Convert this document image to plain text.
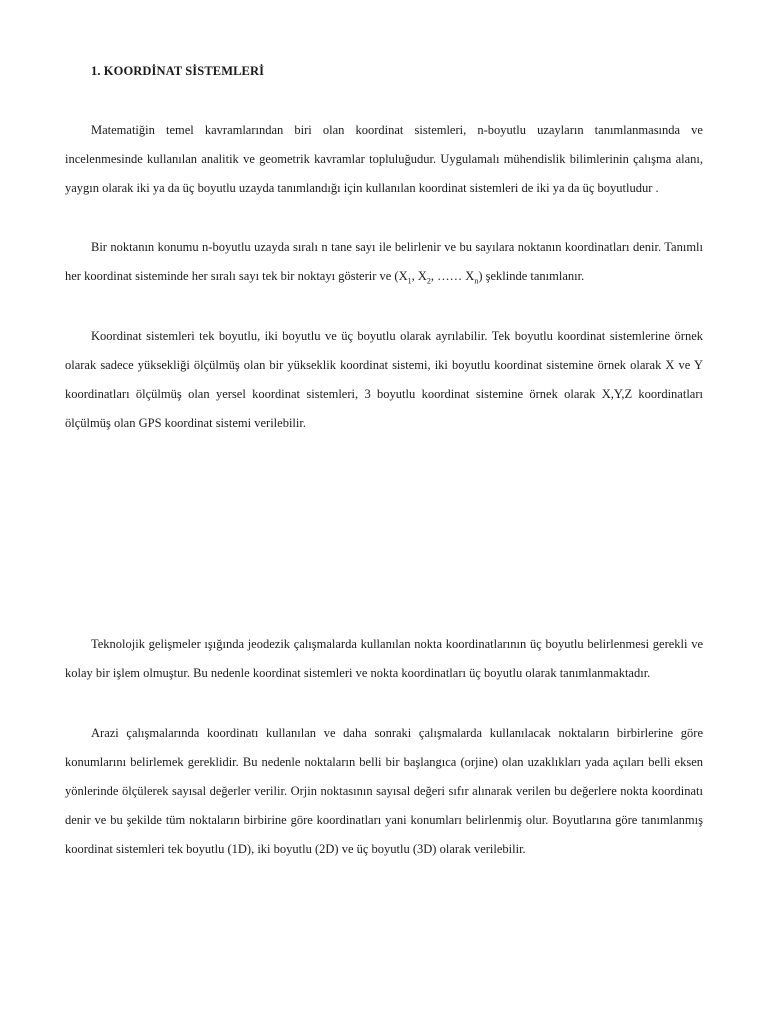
1. KOORDİNAT SİSTEMLERİ

Matematiğin temel kavramlarından biri olan koordinat sistemleri, n-boyutlu uzayların tanımlanmasında ve incelenmesinde kullanılan analitik ve geometrik kavramlar topluluğudur. Uygulamalı mühendislik bilimlerinin çalışma alanı, yaygın olarak iki ya da üç boyutlu uzayda tanımlandığı için kullanılan koordinat sistemleri de iki ya da üç boyutludur .

Bir noktanın konumu n-boyutlu uzayda sıralı n tane sayı ile belirlenir ve bu sayılara noktanın koordinatları denir. Tanımlı her koordinat sisteminde her sıralı sayı tek bir noktayı gösterir ve ($X_1$, $X_2$, …… $X_n$) şeklinde tanımlanır.

Koordinat sistemleri tek boyutlu, iki boyutlu ve üç boyutlu olarak ayrılabilir. Tek boyutlu koordinat sistemlerine örnek olarak sadece yüksekliği ölçülmüş olan bir yükseklik koordinat sistemi, iki boyutlu koordinat sistemine örnek olarak X ve Y koordinatları ölçülmüş olan yersel koordinat sistemleri, 3 boyutlu koordinat sistemine örnek olarak X,Y,Z koordinatları ölçülmüş olan GPS koordinat sistemi verilebilir.

Teknolojik gelişmeler ışığında jeodezik çalışmalarda kullanılan nokta koordinatlarının üç boyutlu belirlenmesi gerekli ve kolay bir işlem olmuştur. Bu nedenle koordinat sistemleri ve nokta koordinatları üç boyutlu olarak tanımlanmaktadır.

Arazi çalışmalarında koordinatı kullanılan ve daha sonraki çalışmalarda kullanılacak noktaların birbirlerine göre konumlarını belirlemek gereklidir. Bu nedenle noktaların belli bir başlangıca (orjine) olan uzaklıkları yada açıları belli eksen yönlerinde ölçülerek sayısal değerler verilir. Orjin noktasının sayısal değeri sıfır alınarak verilen bu değerlere nokta koordinatı denir ve bu şekilde tüm noktaların birbirine göre koordinatları yani konumları belirlenmiş olur. Boyutlarına göre tanımlanmış koordinat sistemleri tek boyutlu (1D), iki boyutlu (2D) ve üç boyutlu (3D) olarak verilebilir.
